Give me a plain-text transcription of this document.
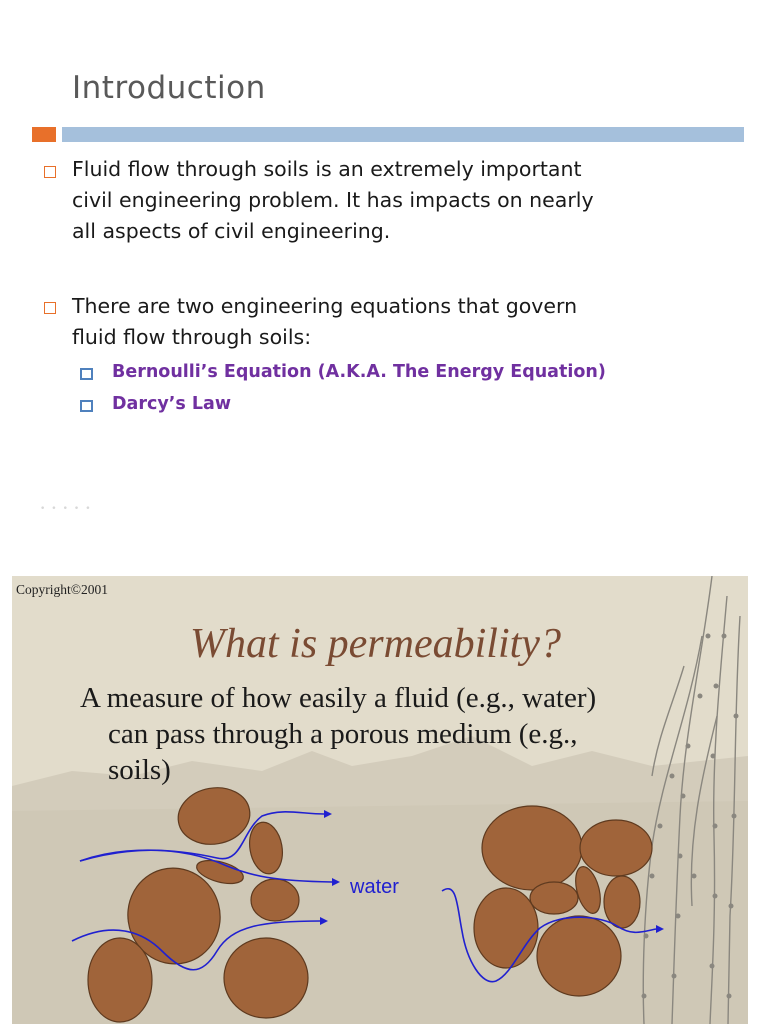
Introduction
Fluid flow through soils is an extremely important
civil engineering problem. It has impacts on nearly
all aspects of civil engineering.
There are two engineering equations that govern
fluid flow through soils:
Bernoulli’s Equation (A.K.A. The Energy Equation)
Darcy’s Law
•••••
Copyright©2001
What is permeability?
A measure of how easily a fluid (e.g., water)
can pass through a porous medium (e.g.,
soils)
water
